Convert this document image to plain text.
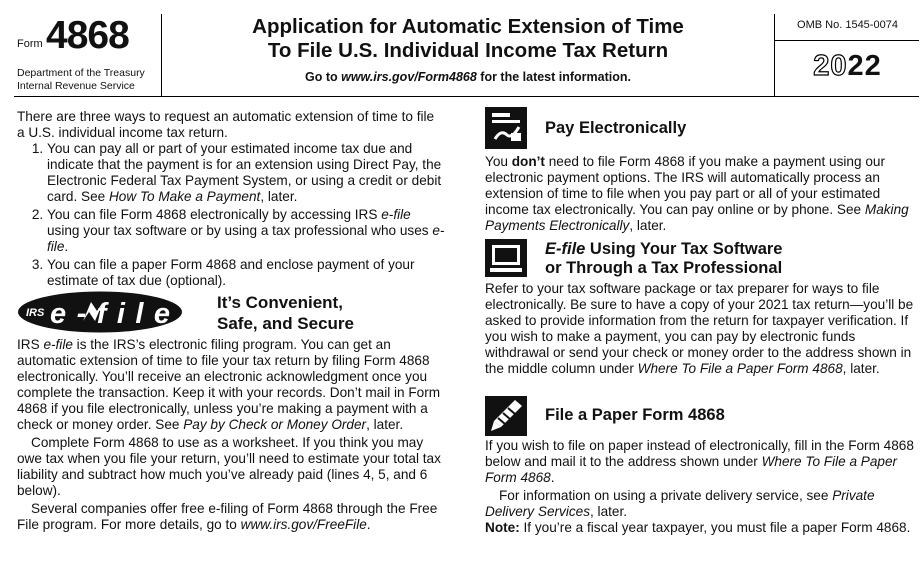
Form 4868
Department of the Treasury
Internal Revenue Service
Application for Automatic Extension of Time
To File U.S. Individual Income Tax Return
Go to www.irs.gov/Form4868 for the latest information.
OMB No. 1545-0074
2022

There are three ways to request an automatic extension of time to file a U.S. individual income tax return.

1. You can pay all or part of your estimated income tax due and indicate that the payment is for an extension using Direct Pay, the Electronic Federal Tax Payment System, or using a credit or debit card. See How To Make a Payment, later.
2. You can file Form 4868 electronically by accessing IRS e-file using your tax software or by using a tax professional who uses e-file.
3. You can file a paper Form 4868 and enclose payment of your estimate of tax due (optional).
IRS e-file	It’s Convenient,
Safe, and Secure

IRS e-file is the IRS’s electronic filing program. You can get an automatic extension of time to file your tax return by filing Form 4868 electronically. You’ll receive an electronic acknowledgment once you complete the transaction. Keep it with your records. Don’t mail in Form 4868 if you file electronically, unless you’re making a payment with a check or money order. See Pay by Check or Money Order, later.

Complete Form 4868 to use as a worksheet. If you think you may owe tax when you file your return, you’ll need to estimate your total tax liability and subtract how much you’ve already paid (lines 4, 5, and 6 below).

Several companies offer free e-filing of Form 4868 through the Free File program. For more details, go to www.irs.gov/FreeFile.

Pay Electronically

You don’t need to file Form 4868 if you make a payment using our electronic payment options. The IRS will automatically process an extension of time to file when you pay part or all of your estimated income tax electronically. You can pay online or by phone. See Making Payments Electronically, later.

E-file Using Your Tax Software
or Through a Tax Professional

Refer to your tax software package or tax preparer for ways to file electronically. Be sure to have a copy of your 2021 tax return—you’ll be asked to provide information from the return for taxpayer verification. If you wish to make a payment, you can pay by electronic funds withdrawal or send your check or money order to the address shown in the middle column under Where To File a Paper Form 4868, later.

File a Paper Form 4868

If you wish to file on paper instead of electronically, fill in the Form 4868 below and mail it to the address shown under Where To File a Paper Form 4868.

For information on using a private delivery service, see Private Delivery Services, later.

Note: If you’re a fiscal year taxpayer, you must file a paper Form 4868.
